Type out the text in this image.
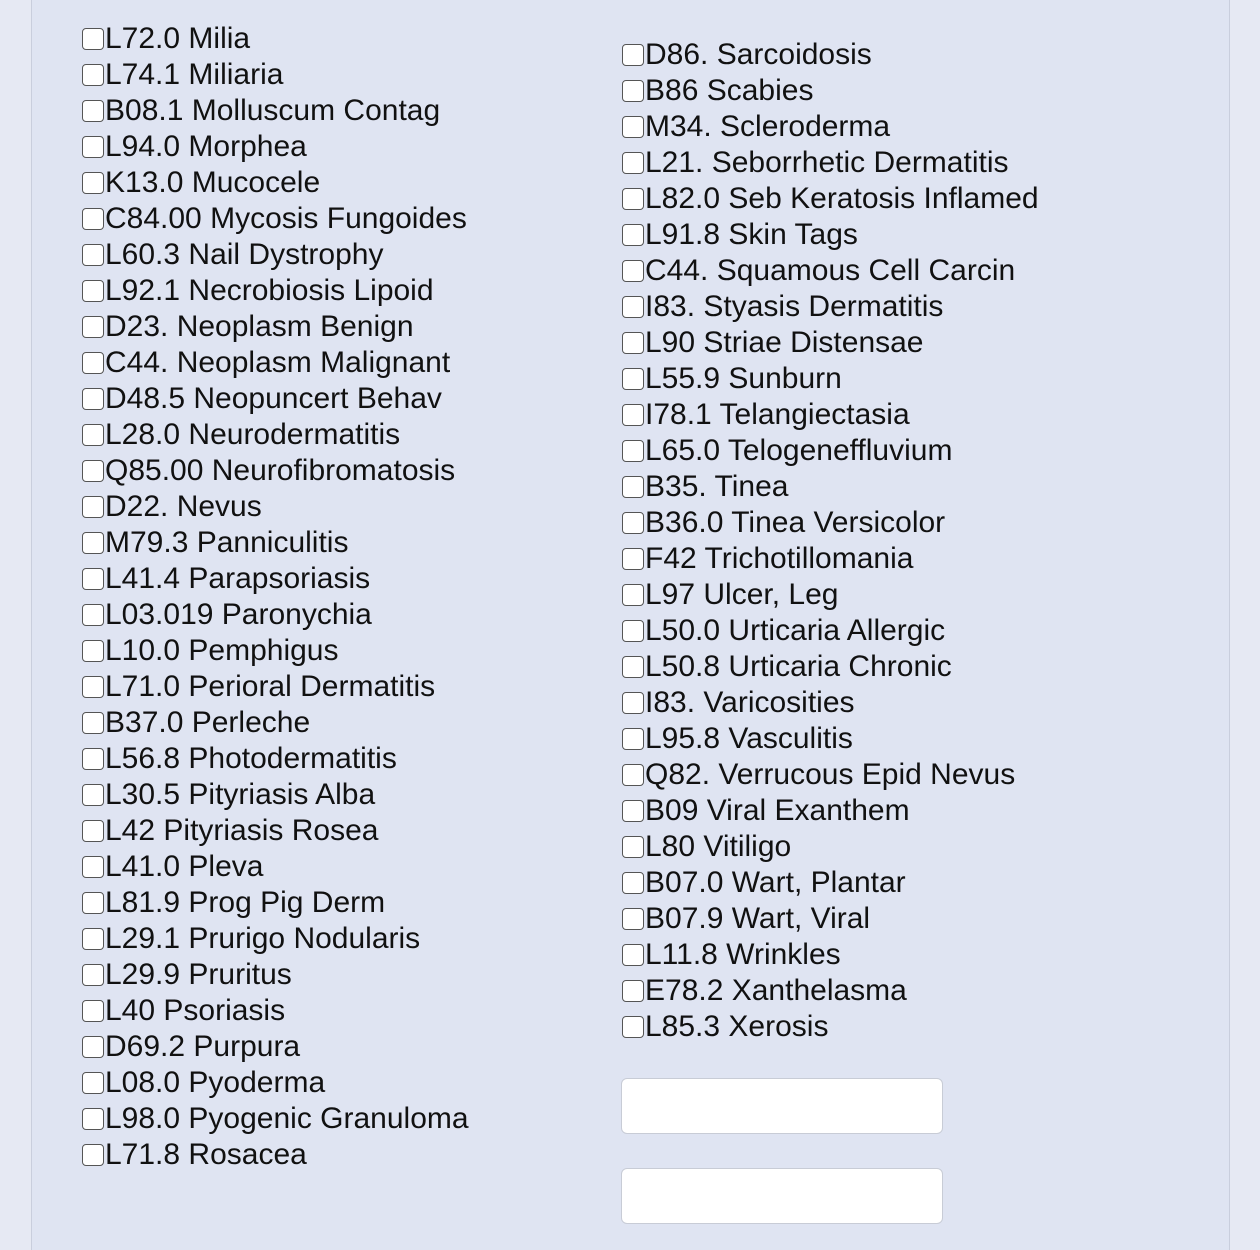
L72.0 Milia
L74.1 Miliaria
B08.1 Molluscum Contag
L94.0 Morphea
K13.0 Mucocele
C84.00 Mycosis Fungoides
L60.3 Nail Dystrophy
L92.1 Necrobiosis Lipoid
D23. Neoplasm Benign
C44. Neoplasm Malignant
D48.5 Neopuncert Behav
L28.0 Neurodermatitis
Q85.00 Neurofibromatosis
D22. Nevus
M79.3 Panniculitis
L41.4 Parapsoriasis
L03.019 Paronychia
L10.0 Pemphigus
L71.0 Perioral Dermatitis
B37.0 Perleche
L56.8 Photodermatitis
L30.5 Pityriasis Alba
L42 Pityriasis Rosea
L41.0 Pleva
L81.9 Prog Pig Derm
L29.1 Prurigo Nodularis
L29.9 Pruritus
L40 Psoriasis
D69.2 Purpura
L08.0 Pyoderma
L98.0 Pyogenic Granuloma
L71.8 Rosacea
D86. Sarcoidosis
B86 Scabies
M34. Scleroderma
L21. Seborrhetic Dermatitis
L82.0 Seb Keratosis Inflamed
L91.8 Skin Tags
C44. Squamous Cell Carcin
I83. Styasis Dermatitis
L90 Striae Distensae
L55.9 Sunburn
I78.1 Telangiectasia
L65.0 Telogeneffluvium
B35. Tinea
B36.0 Tinea Versicolor
F42 Trichotillomania
L97 Ulcer, Leg
L50.0 Urticaria Allergic
L50.8 Urticaria Chronic
I83. Varicosities
L95.8 Vasculitis
Q82. Verrucous Epid Nevus
B09 Viral Exanthem
L80 Vitiligo
B07.0 Wart, Plantar
B07.9 Wart, Viral
L11.8 Wrinkles
E78.2 Xanthelasma
L85.3 Xerosis
